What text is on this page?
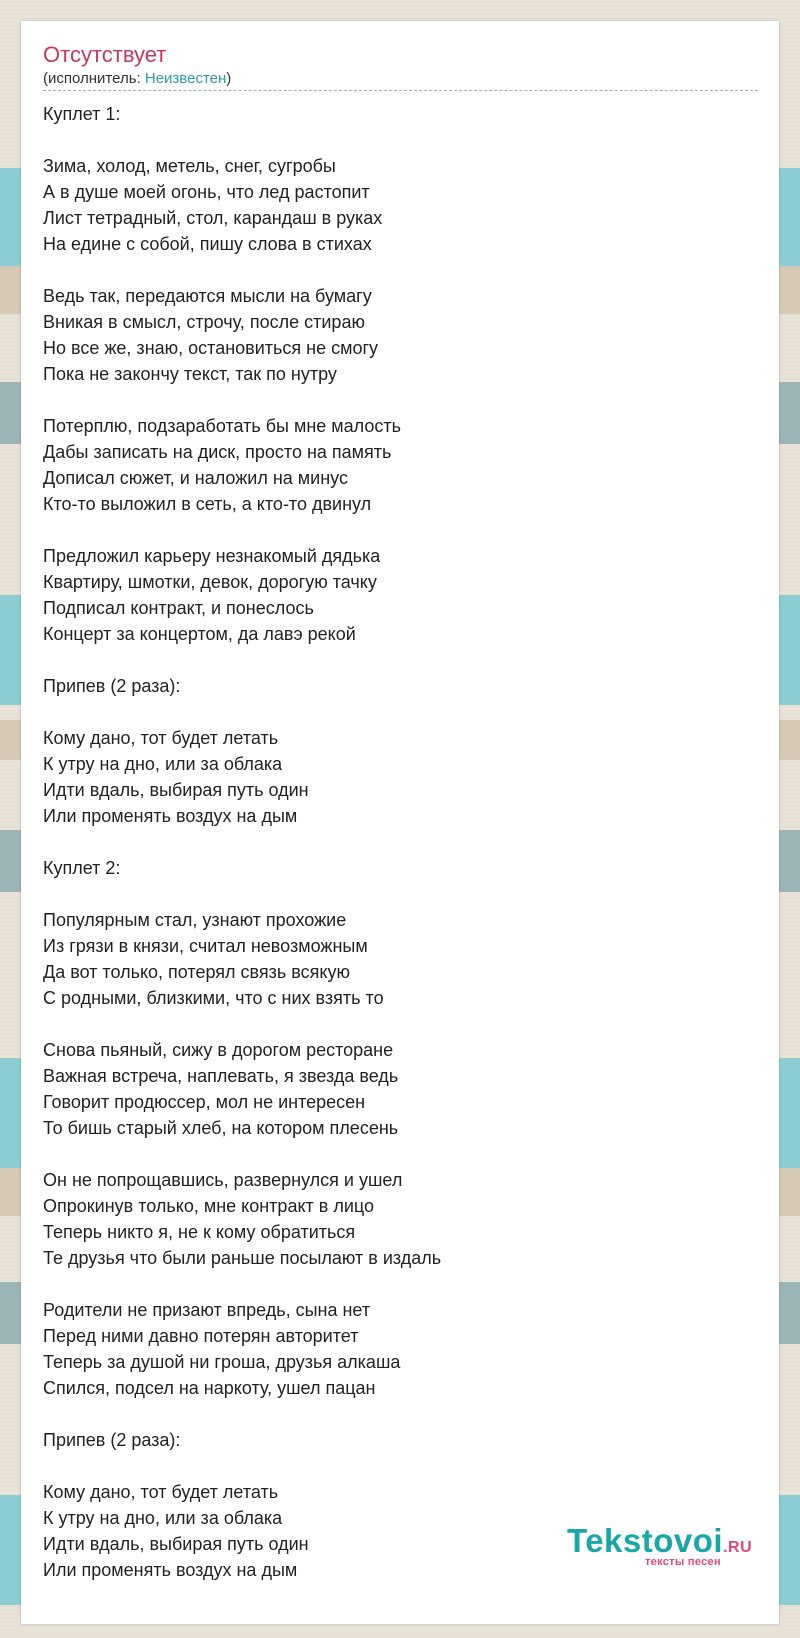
Отсутствует
(исполнитель: Неизвестен)
Куплет 1:
Зима, холод, метель, снег, сугробы
А в душе моей огонь, что лед растопит
Лист тетрадный, стол, карандаш в руках
На едине с собой, пишу слова в стихах
Ведь так, передаются мысли на бумагу
Вникая в смысл, строчу, после стираю
Но все же, знаю, остановиться не смогу
Пока не закончу текст, так по нутру
Потерплю, подзаработать бы мне малость
Дабы записать на диск, просто на память
Дописал сюжет, и наложил на минус
Кто-то выложил в сеть, а кто-то двинул
Предложил карьеру незнакомый дядька
Квартиру, шмотки, девок, дорогую тачку
Подписал контракт, и понеслось
Концерт за концертом, да лавэ рекой
Припев (2 раза):
Кому дано, тот будет летать
К утру на дно, или за облака
Идти вдаль, выбирая путь один
Или променять воздух на дым
Куплет 2:
Популярным стал, узнают прохожие
Из грязи в князи, считал невозможным
Да вот только, потерял связь всякую
С родными, близкими, что с них взять то
Снова пьяный, сижу в дорогом ресторане
Важная встреча, наплевать, я звезда ведь
Говорит продюссер, мол не интересен
То бишь старый хлеб, на котором плесень
Он не попрощавшись, развернулся и ушел
Опрокинув только, мне контракт в лицо
Теперь никто я, не к кому обратиться
Те друзья что были раньше посылают в издаль
Родители не призают впредь, сына нет
Перед ними давно потерян авторитет
Теперь за душой ни гроша, друзья алкаша
Спился, подсел на наркоту, ушел пацан
Припев (2 раза):
Кому дано, тот будет летать
К утру на дно, или за облака
Идти вдаль, выбирая путь один
Или променять воздух на дым
Tekstovoi.RU
тексты песен
